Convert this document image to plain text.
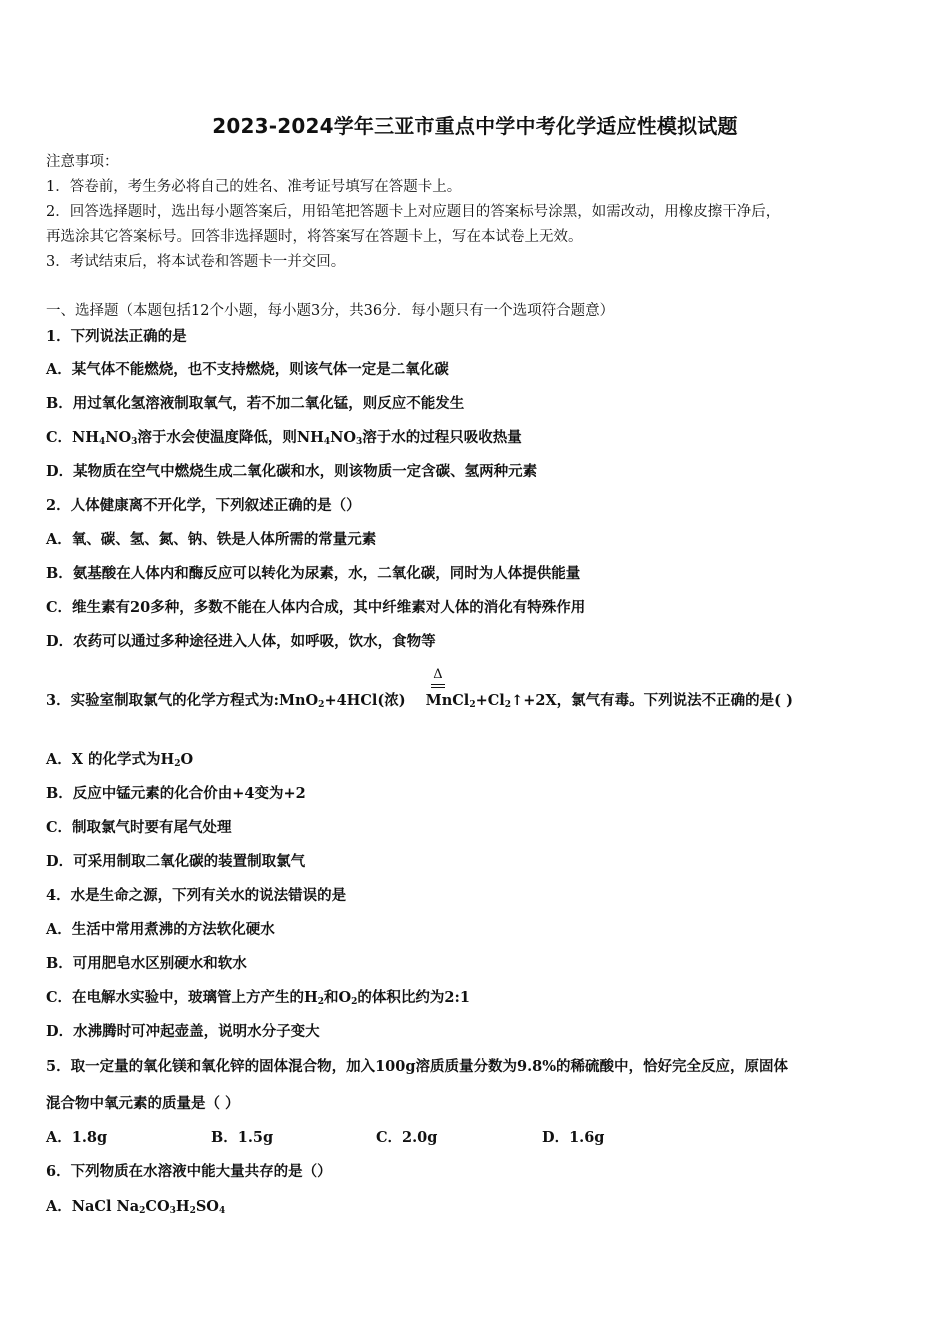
2023-2024学年三亚市重点中学中考化学适应性模拟试题
注意事项：
1．答卷前，考生务必将自己的姓名、准考证号填写在答题卡上。
2．回答选择题时，选出每小题答案后，用铅笔把答题卡上对应题目的答案标号涂黑，如需改动，用橡皮擦干净后，
再选涂其它答案标号。回答非选择题时，将答案写在答题卡上，写在本试卷上无效。
3．考试结束后，将本试卷和答题卡一并交回。
一、选择题（本题包括12个小题，每小题3分，共36分．每小题只有一个选项符合题意）
1．下列说法正确的是
A．某气体不能燃烧，也不支持燃烧，则该气体一定是二氧化碳
B．用过氧化氢溶液制取氧气，若不加二氧化锰，则反应不能发生
C．$NH_4NO_3$溶于水会使温度降低，则$NH_4NO_3$溶于水的过程只吸收热量
D．某物质在空气中燃烧生成二氧化碳和水，则该物质一定含碳、氢两种元素
2．人体健康离不开化学，下列叙述正确的是（）
A．氧、碳、氢、氮、钠、铁是人体所需的常量元素
B．氨基酸在人体内和酶反应可以转化为尿素，水，二氧化碳，同时为人体提供能量
C．维生素有20多种，多数不能在人体内合成，其中纤维素对人体的消化有特殊作用
D．农药可以通过多种途径进入人体，如呼吸，饮水，食物等
Δ
3．实验室制取氯气的化学方程式为:MnO$_2$+4HCl(浓) $MnCl_2+Cl_2↑+2X$，氯气有毒。下列说法不正确的是( )
A．X 的化学式为$H_2O$
B．反应中锰元素的化合价由+4变为+2
C．制取氯气时要有尾气处理
D．可采用制取二氧化碳的装置制取氯气
4．水是生命之源，下列有关水的说法错误的是
A．生活中常用煮沸的方法软化硬水
B．可用肥皂水区别硬水和软水
C．在电解水实验中，玻璃管上方产生的$H_2$和$O_2$的体积比约为2:1
D．水沸腾时可冲起壶盖，说明水分子变大
5．取一定量的氧化镁和氧化锌的固体混合物，加入100g溶质质量分数为9.8%的稀硫酸中，恰好完全反应，原固体
混合物中氧元素的质量是（ ）
A．1.8g	B．1.5g	C．2.0g	D．1.6g
6．下列物质在水溶液中能大量共存的是（）
A．NaCl $Na_2CO_3H_2SO_4$
